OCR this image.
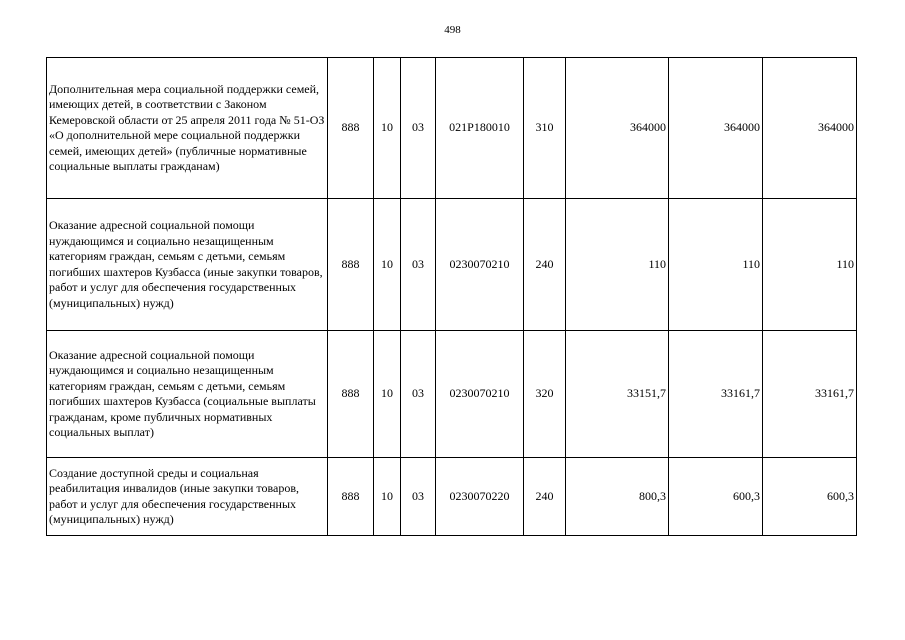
498
Дополнительная мера социальной поддержки семей, имеющих детей, в соответствии с Законом Кемеровской области от 25 апреля 2011 года № 51-ОЗ «О дополнительной мере социальной поддержки семей, имеющих детей» (публичные нормативные социальные выплаты гражданам)	888	10	03	021P180010	310	364000	364000	364000
Оказание адресной социальной помощи нуждающимся и социально незащищенным категориям граждан, семьям с детьми, семьям погибших шахтеров Кузбасса (иные закупки товаров, работ и услуг для обеспечения государственных (муниципальных) нужд)	888	10	03	0230070210	240	110	110	110
Оказание адресной социальной помощи нуждающимся и социально незащищенным категориям граждан, семьям с детьми, семьям погибших шахтеров Кузбасса (социальные выплаты гражданам, кроме публичных нормативных социальных выплат)	888	10	03	0230070210	320	33151,7	33161,7	33161,7
Создание доступной среды и социальная реабилитация инвалидов (иные закупки товаров, работ и услуг для обеспечения государственных (муниципальных) нужд)	888	10	03	0230070220	240	800,3	600,3	600,3
